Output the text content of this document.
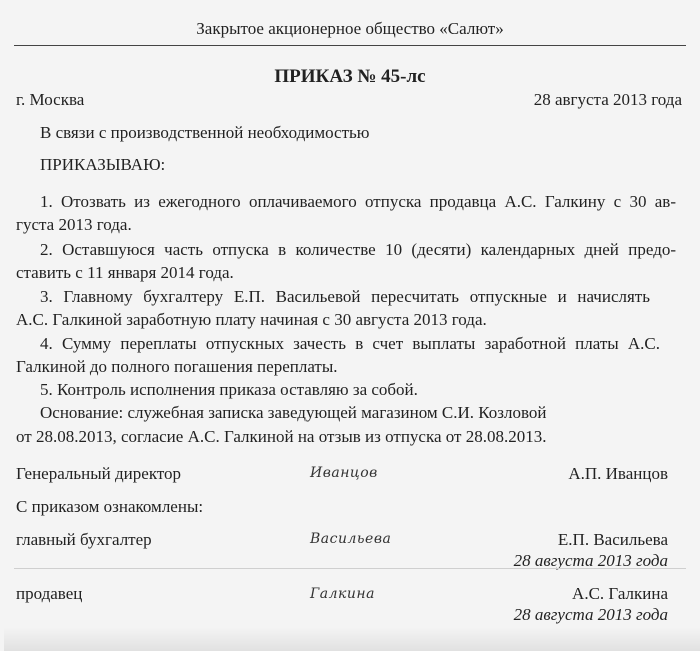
Закрытое акционерное общество «Салют»
ПРИКАЗ № 45-лс
г. Москва	28 августа 2013 года
В связи с производственной необходимостью
ПРИКАЗЫВАЮ:
1. Отозвать из ежегодного оплачиваемого отпуска продавца А.С. Галкину с 30 ав-
густа 2013 года.
2. Оставшуюся часть отпуска в количестве 10 (десяти) календарных дней предо-
ставить с 11 января 2014 года.
3. Главному бухгалтеру Е.П. Васильевой пересчитать отпускные и начислять
А.С. Галкиной заработную плату начиная с 30 августа 2013 года.
4. Сумму переплаты отпускных зачесть в счет выплаты заработной платы А.С.
Галкиной до полного погашения переплаты.
5. Контроль исполнения приказа оставляю за собой.
Основание: служебная записка заведующей магазином С.И. Козловой
от 28.08.2013, согласие А.С. Галкиной на отзыв из отпуска от 28.08.2013.
Генеральный директор	Иванцов	А.П. Иванцов
С приказом ознакомлены:
главный бухгалтер	Васильева	Е.П. Васильева
28 августа 2013 года
продавец	Галкина	А.С. Галкина
28 августа 2013 года
